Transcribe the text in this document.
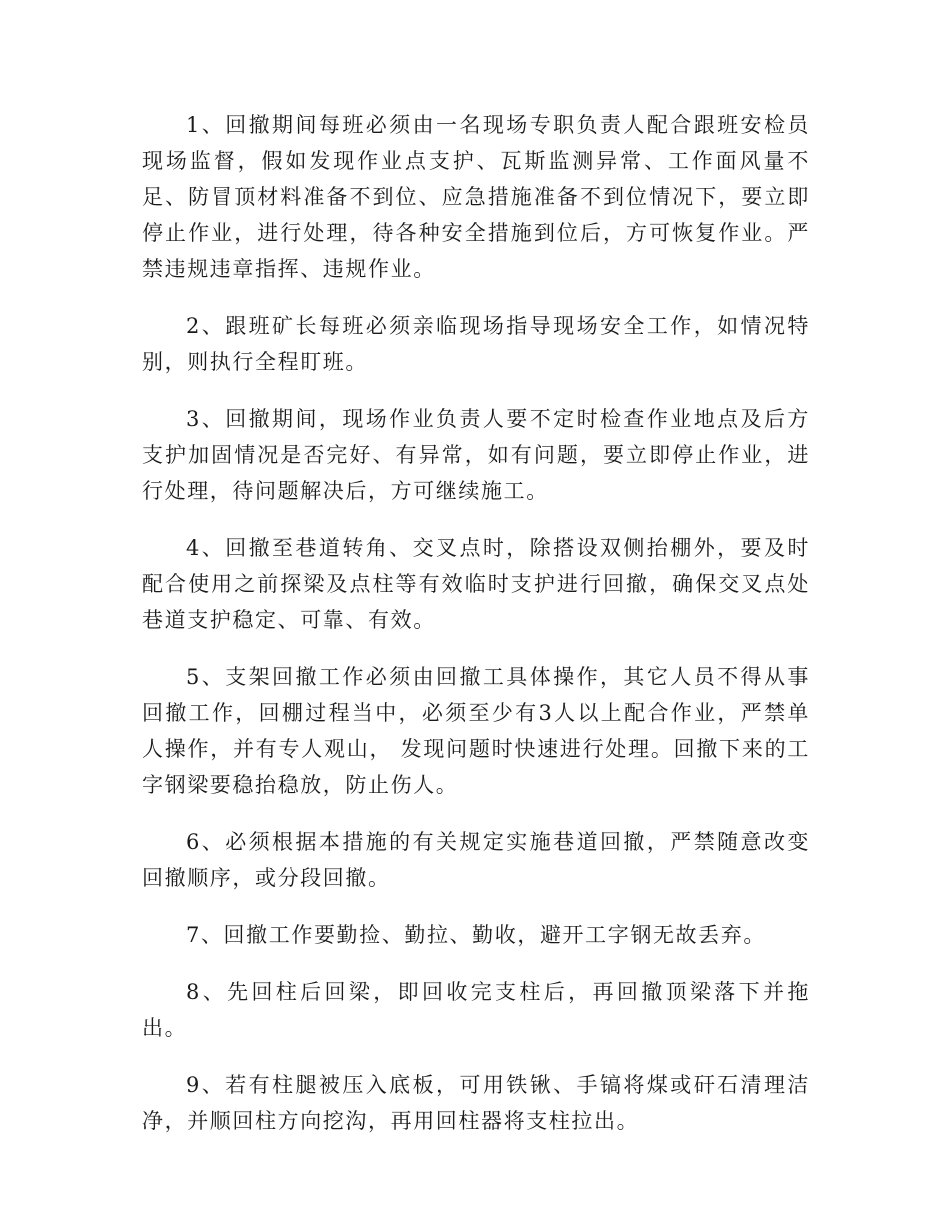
1、回撤期间每班必须由一名现场专职负责人配合跟班安检员现场监督，假如发现作业点支护、瓦斯监测异常、工作面风量不足、防冒顶材料准备不到位、应急措施准备不到位情况下，要立即停止作业，进行处理，待各种安全措施到位后，方可恢复作业。严禁违规违章指挥、违规作业。

2、跟班矿长每班必须亲临现场指导现场安全工作，如情况特别，则执行全程盯班。

3、回撤期间，现场作业负责人要不定时检查作业地点及后方支护加固情况是否完好、有异常，如有问题，要立即停止作业，进行处理，待问题解决后，方可继续施工。

4、回撤至巷道转角、交叉点时，除搭设双侧抬棚外，要及时配合使用之前探梁及点柱等有效临时支护进行回撤，确保交叉点处巷道支护稳定、可靠、有效。

5、支架回撤工作必须由回撤工具体操作，其它人员不得从事回撤工作，回棚过程当中，必须至少有3人以上配合作业，严禁单人操作，并有专人观山， 发现问题时快速进行处理。回撤下来的工字钢梁要稳抬稳放，防止伤人。

6、必须根据本措施的有关规定实施巷道回撤，严禁随意改变回撤顺序，或分段回撤。

7、回撤工作要勤捡、勤拉、勤收，避开工字钢无故丢弃。

8、先回柱后回梁，即回收完支柱后，再回撤顶梁落下并拖出。

9、若有柱腿被压入底板，可用铁锹、手镐将煤或矸石清理洁净，并顺回柱方向挖沟，再用回柱器将支柱拉出。
